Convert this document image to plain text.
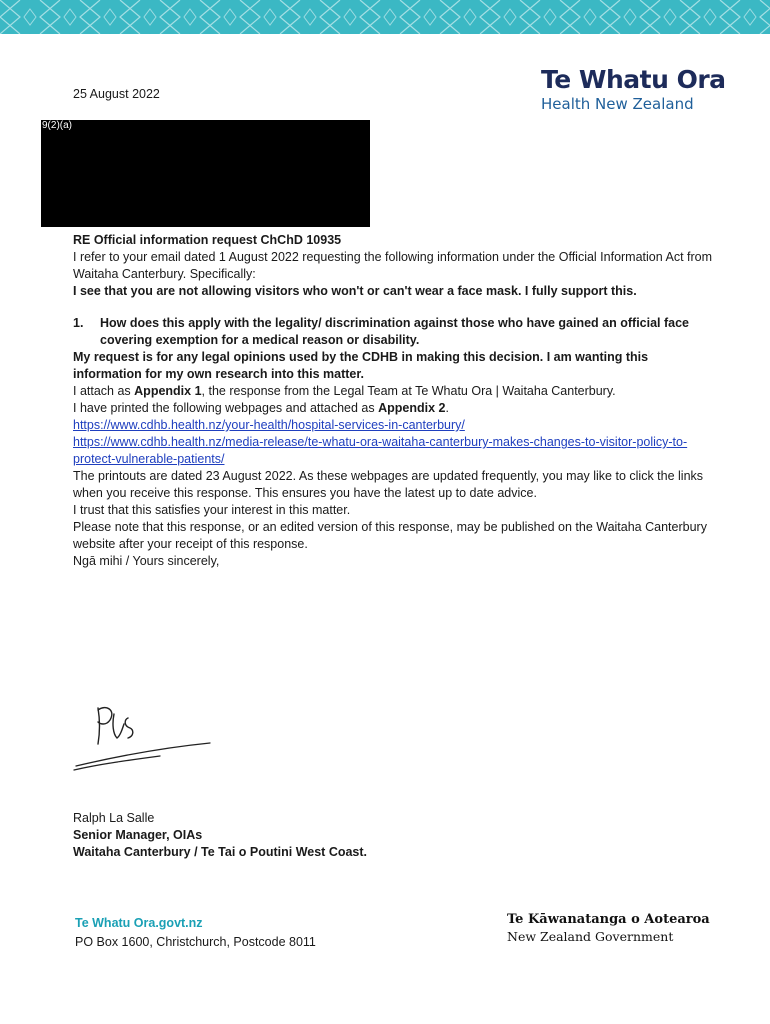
Te Whatu Ora
Health New Zealand
25 August 2022
9(2)(a)

RE Official information request ChChD 10935

I refer to your email dated 1 August 2022 requesting the following information under the Official Information Act from Waitaha Canterbury. Specifically:

I see that you are not allowing visitors who won't or can't wear a face mask. I fully support this.

1.	How does this apply with the legality/ discrimination against those who have gained an official face covering exemption for a medical reason or disability.

My request is for any legal opinions used by the CDHB in making this decision. I am wanting this information for my own research into this matter.

I attach as Appendix 1, the response from the Legal Team at Te Whatu Ora | Waitaha Canterbury.

I have printed the following webpages and attached as Appendix 2.

https://www.cdhb.health.nz/your-health/hospital-services-in-canterbury/

https://www.cdhb.health.nz/media-release/te-whatu-ora-waitaha-canterbury-makes-changes-to-visitor-policy-to-protect-vulnerable-patients/

The printouts are dated 23 August 2022. As these webpages are updated frequently, you may like to click the links when you receive this response. This ensures you have the latest up to date advice.

I trust that this satisfies your interest in this matter.

Please note that this response, or an edited version of this response, may be published on the Waitaha Canterbury website after your receipt of this response.

Ngā mihi / Yours sincerely,

Ralph La Salle
Senior Manager, OIAs
Waitaha Canterbury / Te Tai o Poutini West Coast.
Te Whatu Ora.govt.nz
PO Box 1600, Christchurch, Postcode 8011
Te Kāwanatanga o Aotearoa
New Zealand Government
